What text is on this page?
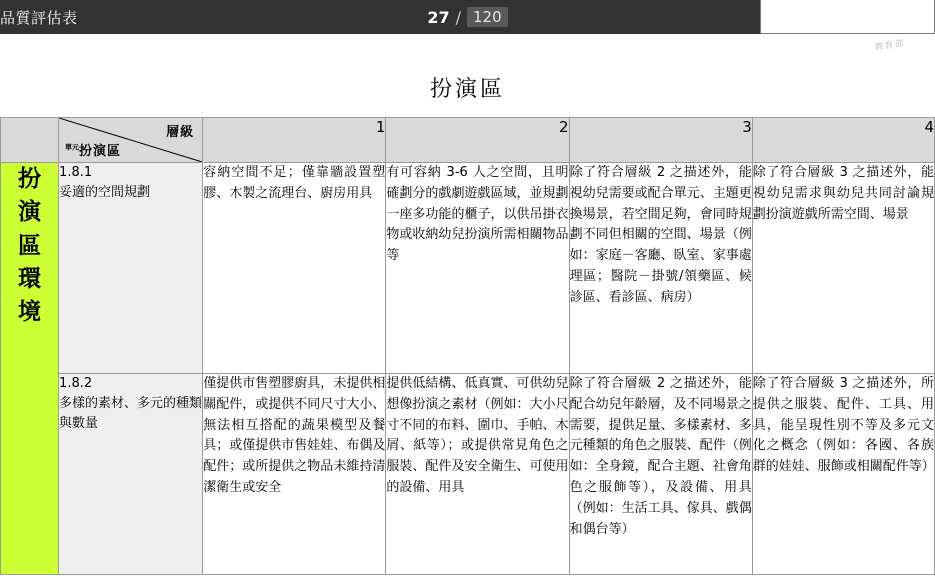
品質評估表	27 / 120
教育部
扮演區

	層級
$^{單元}$扮演區	1	2	3	4

扮
演
區
環
境	1.8.1
妥適的空間規劃	容納空間不足；僅靠牆設置塑膠、木製之流理台、廚房用具	有可容納 3-6 人之空間，且明確劃分的戲劇遊戲區域，並規劃一座多功能的櫃子，以供吊掛衣物或收納幼兒扮演所需相關物品等	除了符合層級 2 之描述外，能視幼兒需要或配合單元、主題更換場景，若空間足夠，會同時規劃不同但相關的空間、場景（例如：家庭－客廳、臥室、家事處理區；醫院－掛號/領藥區、候診區、看診區、病房）	除了符合層級 3 之描述外，能視幼兒需求與幼兒共同討論規劃扮演遊戲所需空間、場景

	1.8.2
多樣的素材、多元的種類與數量	僅提供市售塑膠廚具，未提供相關配件，或提供不同尺寸大小、無法相互搭配的蔬果模型及餐具；或僅提供市售娃娃、布偶及配件；或所提供之物品未維持清潔衛生或安全	提供低結構、低真實、可供幼兒想像扮演之素材（例如：大小尺寸不同的布料、圍巾、手帕、木屑、紙等）；或提供常見角色之服裝、配件及安全衛生、可使用的設備、用具	除了符合層級 2 之描述外，能配合幼兒年齡層，及不同場景之需要，提供足量、多樣素材、多元種類的角色之服裝、配件（例如：全身鏡，配合主題、社會角色之服飾等），及設備、用具（例如：生活工具、傢具、戲偶和偶台等）	除了符合層級 3 之描述外，所提供之服裝、配件、工具、用具，能呈現性別不等及多元文化之概念（例如：各國、各族群的娃娃、服飾或相關配件等）
